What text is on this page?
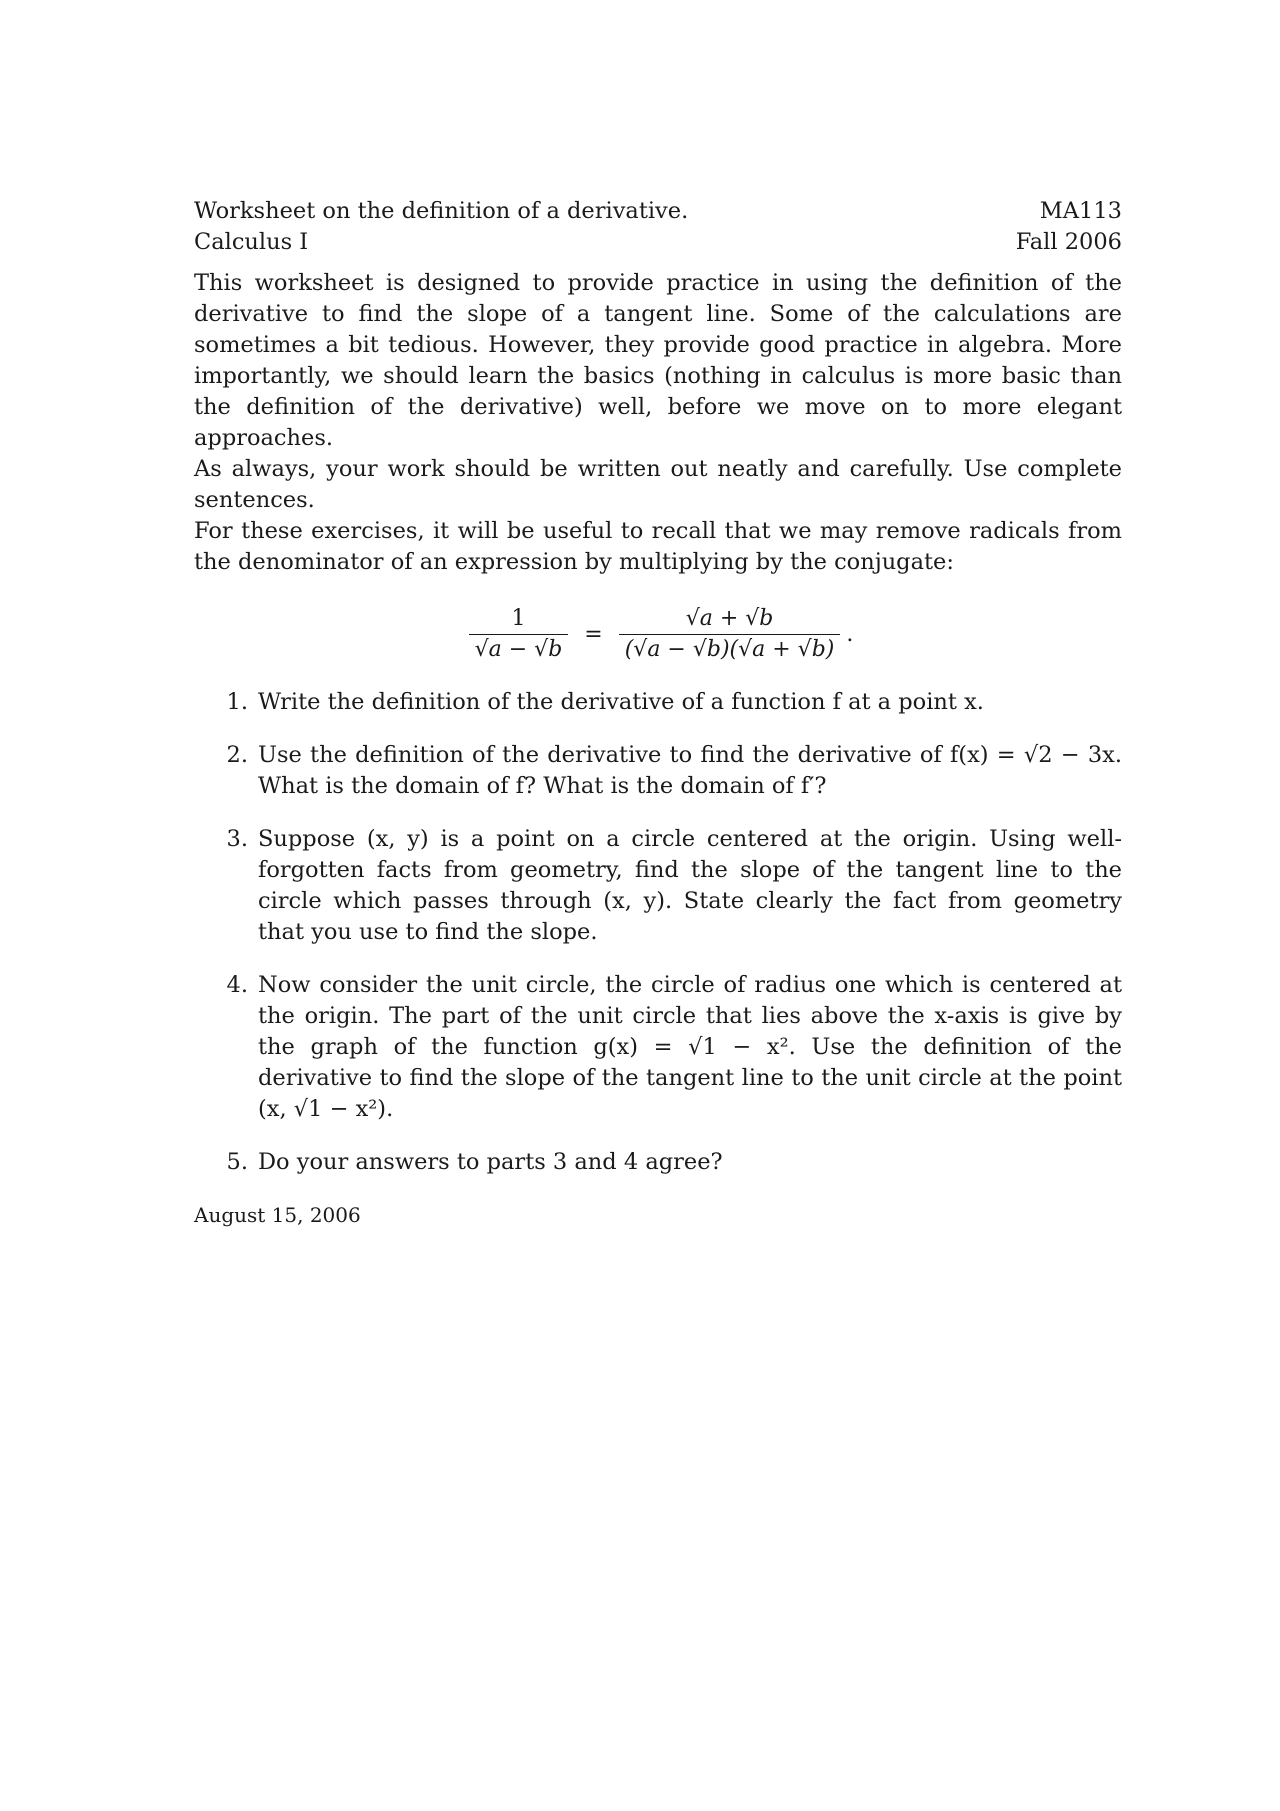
Worksheet on the definition of a derivative.
Calculus I
MA113
Fall 2006

This worksheet is designed to provide practice in using the definition of the derivative to find the slope of a tangent line. Some of the calculations are sometimes a bit tedious. However, they provide good practice in algebra. More importantly, we should learn the basics (nothing in calculus is more basic than the definition of the derivative) well, before we move on to more elegant approaches.

As always, your work should be written out neatly and carefully. Use complete sentences.

For these exercises, it will be useful to recall that we may remove radicals from the denominator of an expression by multiplying by the conjugate:

$\frac{1}{√a - √b} = \frac{√a + √b}{(√a - √b)(√a + √b)}$ .
1. Write the definition of the derivative of a function f at a point x.
2. Use the definition of the derivative to find the derivative of f(x) = √2 − 3x. What is the domain of f? What is the domain of f′?
3. Suppose (x, y) is a point on a circle centered at the origin. Using well-forgotten facts from geometry, find the slope of the tangent line to the circle which passes through (x, y). State clearly the fact from geometry that you use to find the slope.
4. Now consider the unit circle, the circle of radius one which is centered at the origin. The part of the unit circle that lies above the x-axis is give by the graph of the function g(x) = √1 − x². Use the definition of the derivative to find the slope of the tangent line to the unit circle at the point (x, √1 − x²).
5. Do your answers to parts 3 and 4 agree?
August 15, 2006
